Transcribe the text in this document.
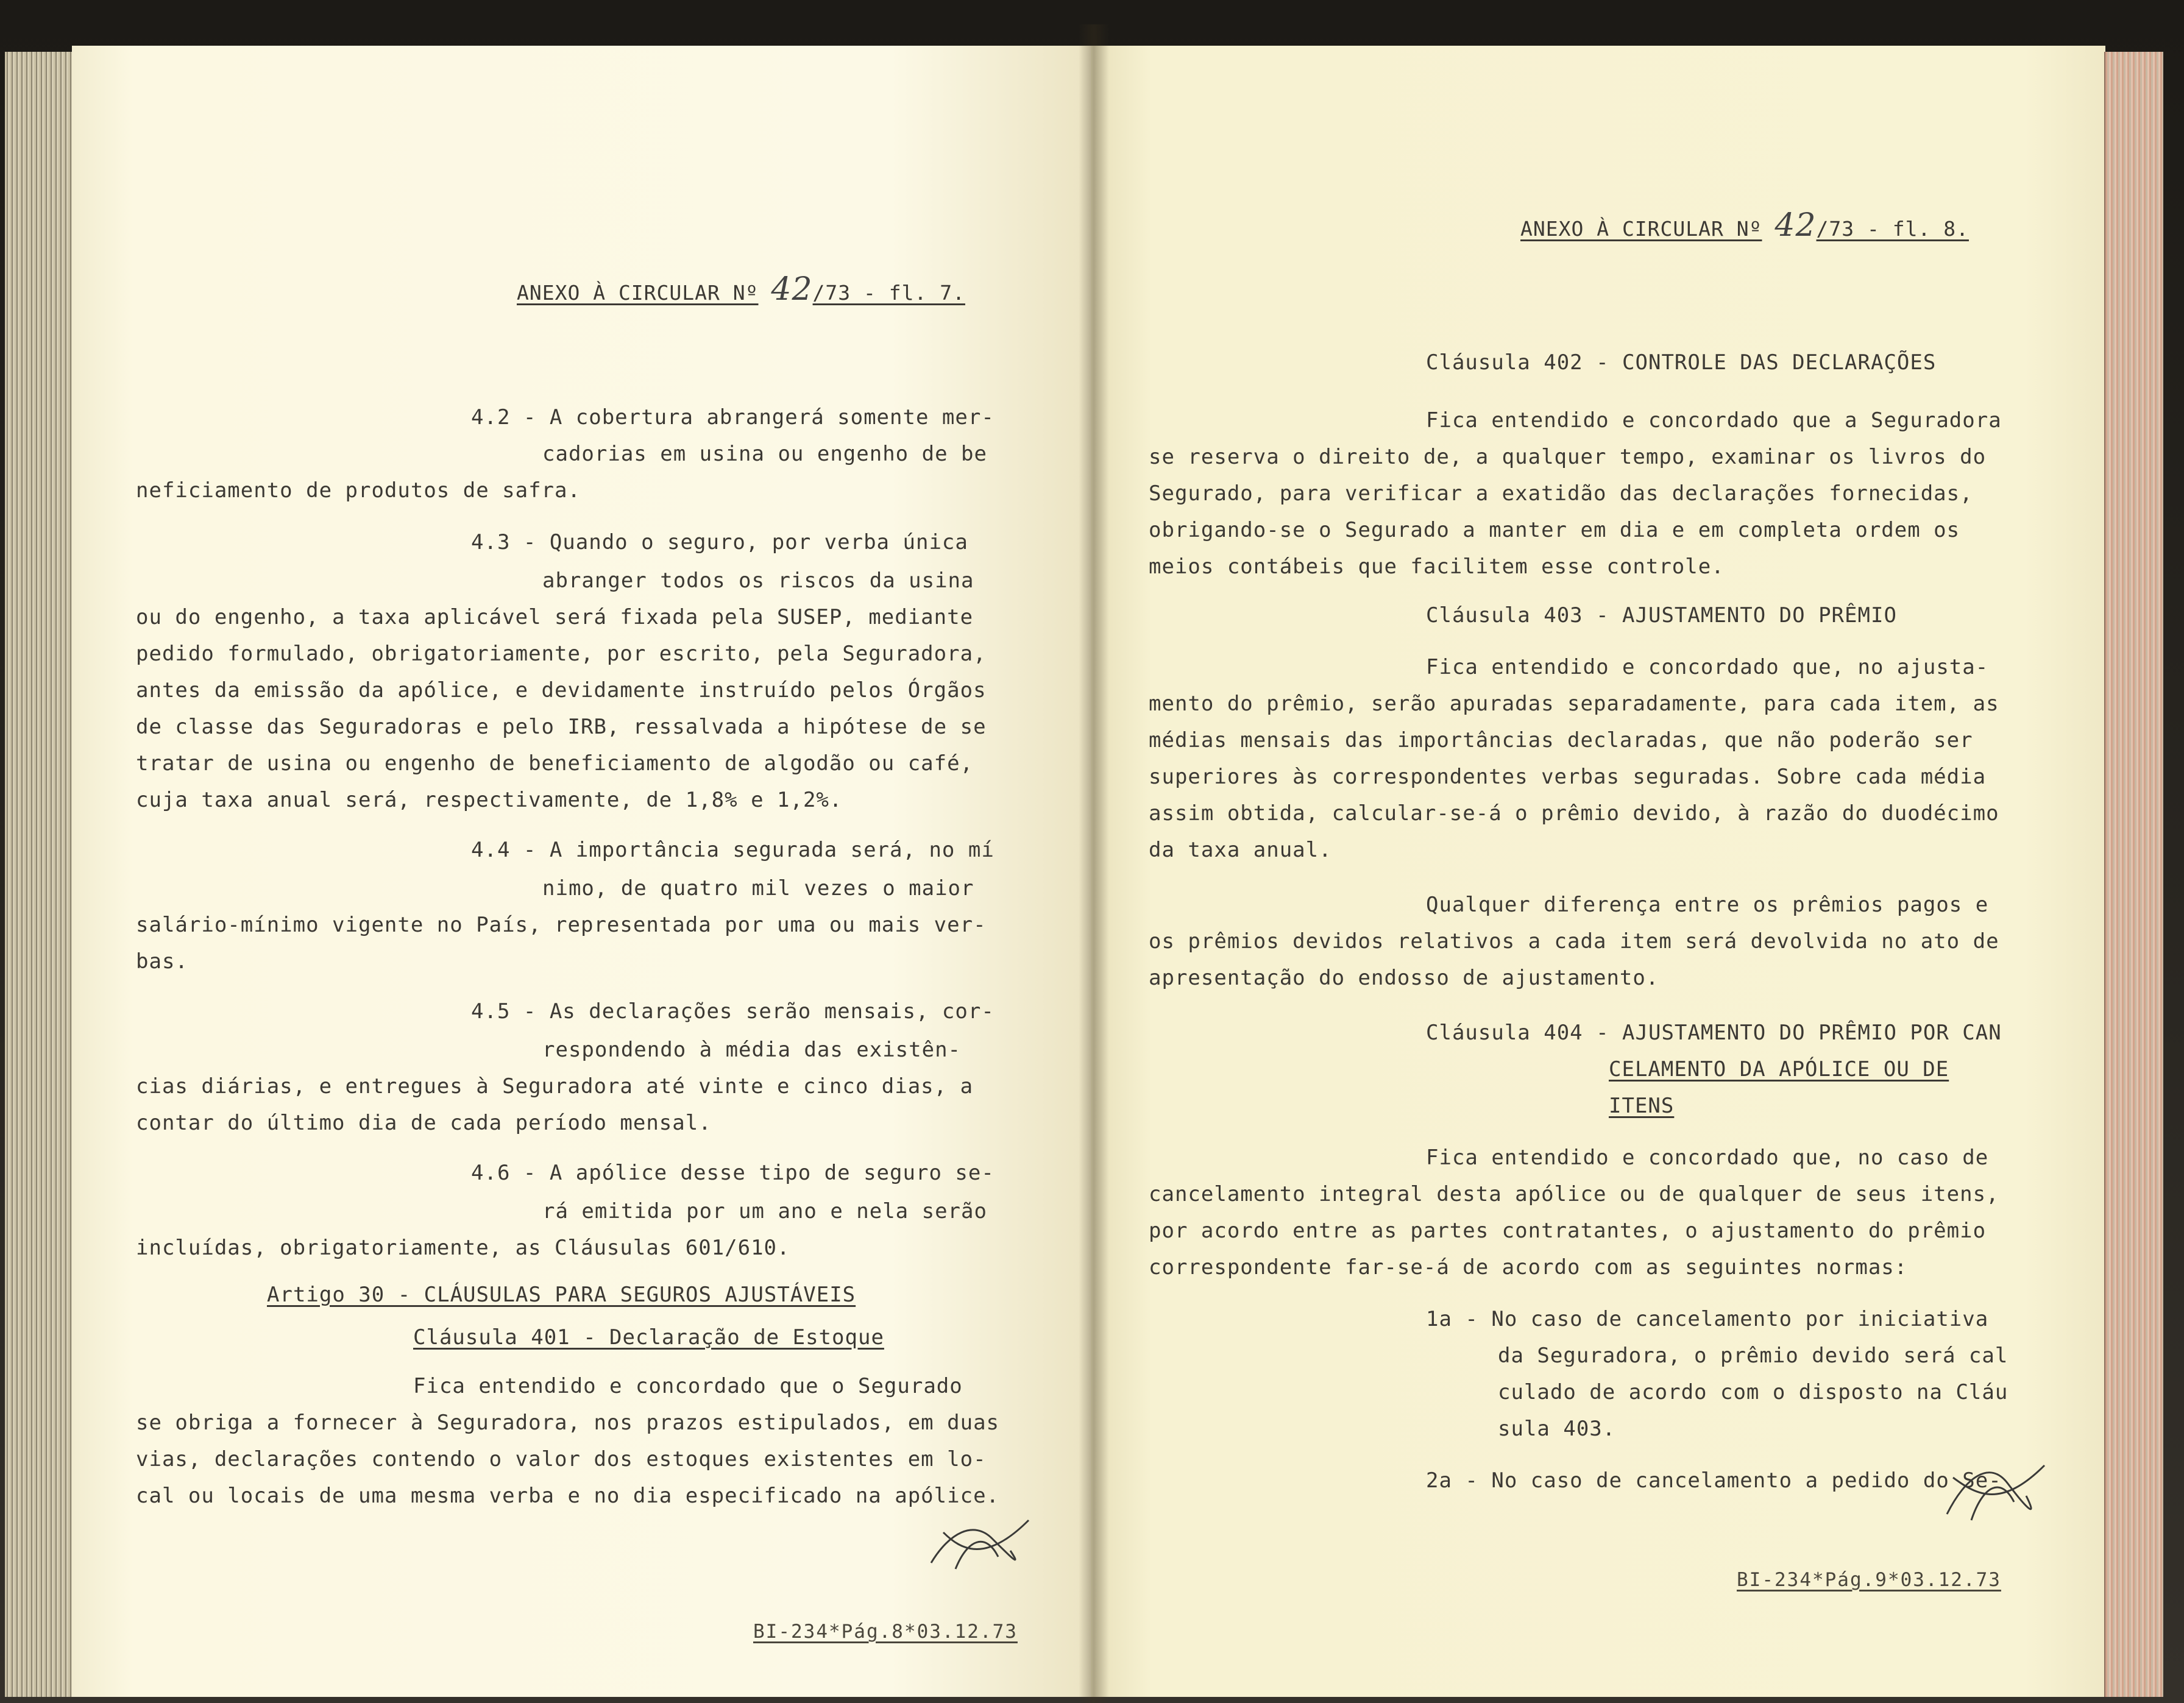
ANEXO À CIRCULAR Nº 42/73 - fl. 7.
4.2 - A cobertura abrangerá somente mer-
cadorias em usina ou engenho de be
neficiamento de produtos de safra.
4.3 - Quando o seguro, por verba única
abranger todos os riscos da usina
ou do engenho, a taxa aplicável será fixada pela SUSEP, mediante
pedido formulado, obrigatoriamente, por escrito, pela Seguradora,
antes da emissão da apólice, e devidamente instruído pelos Órgãos
de classe das Seguradoras e pelo IRB, ressalvada a hipótese de se
tratar de usina ou engenho de beneficiamento de algodão ou café,
cuja taxa anual será, respectivamente, de 1,8% e 1,2%.
4.4 - A importância segurada será, no mí
nimo, de quatro mil vezes o maior
salário-mínimo vigente no País, representada por uma ou mais ver-
bas.
4.5 - As declarações serão mensais, cor-
respondendo à média das existên-
cias diárias, e entregues à Seguradora até vinte e cinco dias, a
contar do último dia de cada período mensal.
4.6 - A apólice desse tipo de seguro se-
rá emitida por um ano e nela serão
incluídas, obrigatoriamente, as Cláusulas 601/610.
Artigo 30 - CLÁUSULAS PARA SEGUROS AJUSTÁVEIS
Cláusula 401 - Declaração de Estoque
Fica entendido e concordado que o Segurado
se obriga a fornecer à Seguradora, nos prazos estipulados, em duas
vias, declarações contendo o valor dos estoques existentes em lo-
cal ou locais de uma mesma verba e no dia especificado na apólice.
BI-234*Pág.8*03.12.73
ANEXO À CIRCULAR Nº 42/73 - fl. 8.
Cláusula 402 - CONTROLE DAS DECLARAÇÕES
Fica entendido e concordado que a Seguradora
se reserva o direito de, a qualquer tempo, examinar os livros do
Segurado, para verificar a exatidão das declarações fornecidas,
obrigando-se o Segurado a manter em dia e em completa ordem os
meios contábeis que facilitem esse controle.
Cláusula 403 - AJUSTAMENTO DO PRÊMIO
Fica entendido e concordado que, no ajusta-
mento do prêmio, serão apuradas separadamente, para cada item, as
médias mensais das importâncias declaradas, que não poderão ser
superiores às correspondentes verbas seguradas. Sobre cada média
assim obtida, calcular-se-á o prêmio devido, à razão do duodécimo
da taxa anual.
Qualquer diferença entre os prêmios pagos e
os prêmios devidos relativos a cada item será devolvida no ato de
apresentação do endosso de ajustamento.
Cláusula 404 - AJUSTAMENTO DO PRÊMIO POR CAN
CELAMENTO DA APÓLICE OU DE
ITENS
Fica entendido e concordado que, no caso de
cancelamento integral desta apólice ou de qualquer de seus itens,
por acordo entre as partes contratantes, o ajustamento do prêmio
correspondente far-se-á de acordo com as seguintes normas:
1a - No caso de cancelamento por iniciativa
da Seguradora, o prêmio devido será cal
culado de acordo com o disposto na Cláu
sula 403.
2a - No caso de cancelamento a pedido do Se-
BI-234*Pág.9*03.12.73
